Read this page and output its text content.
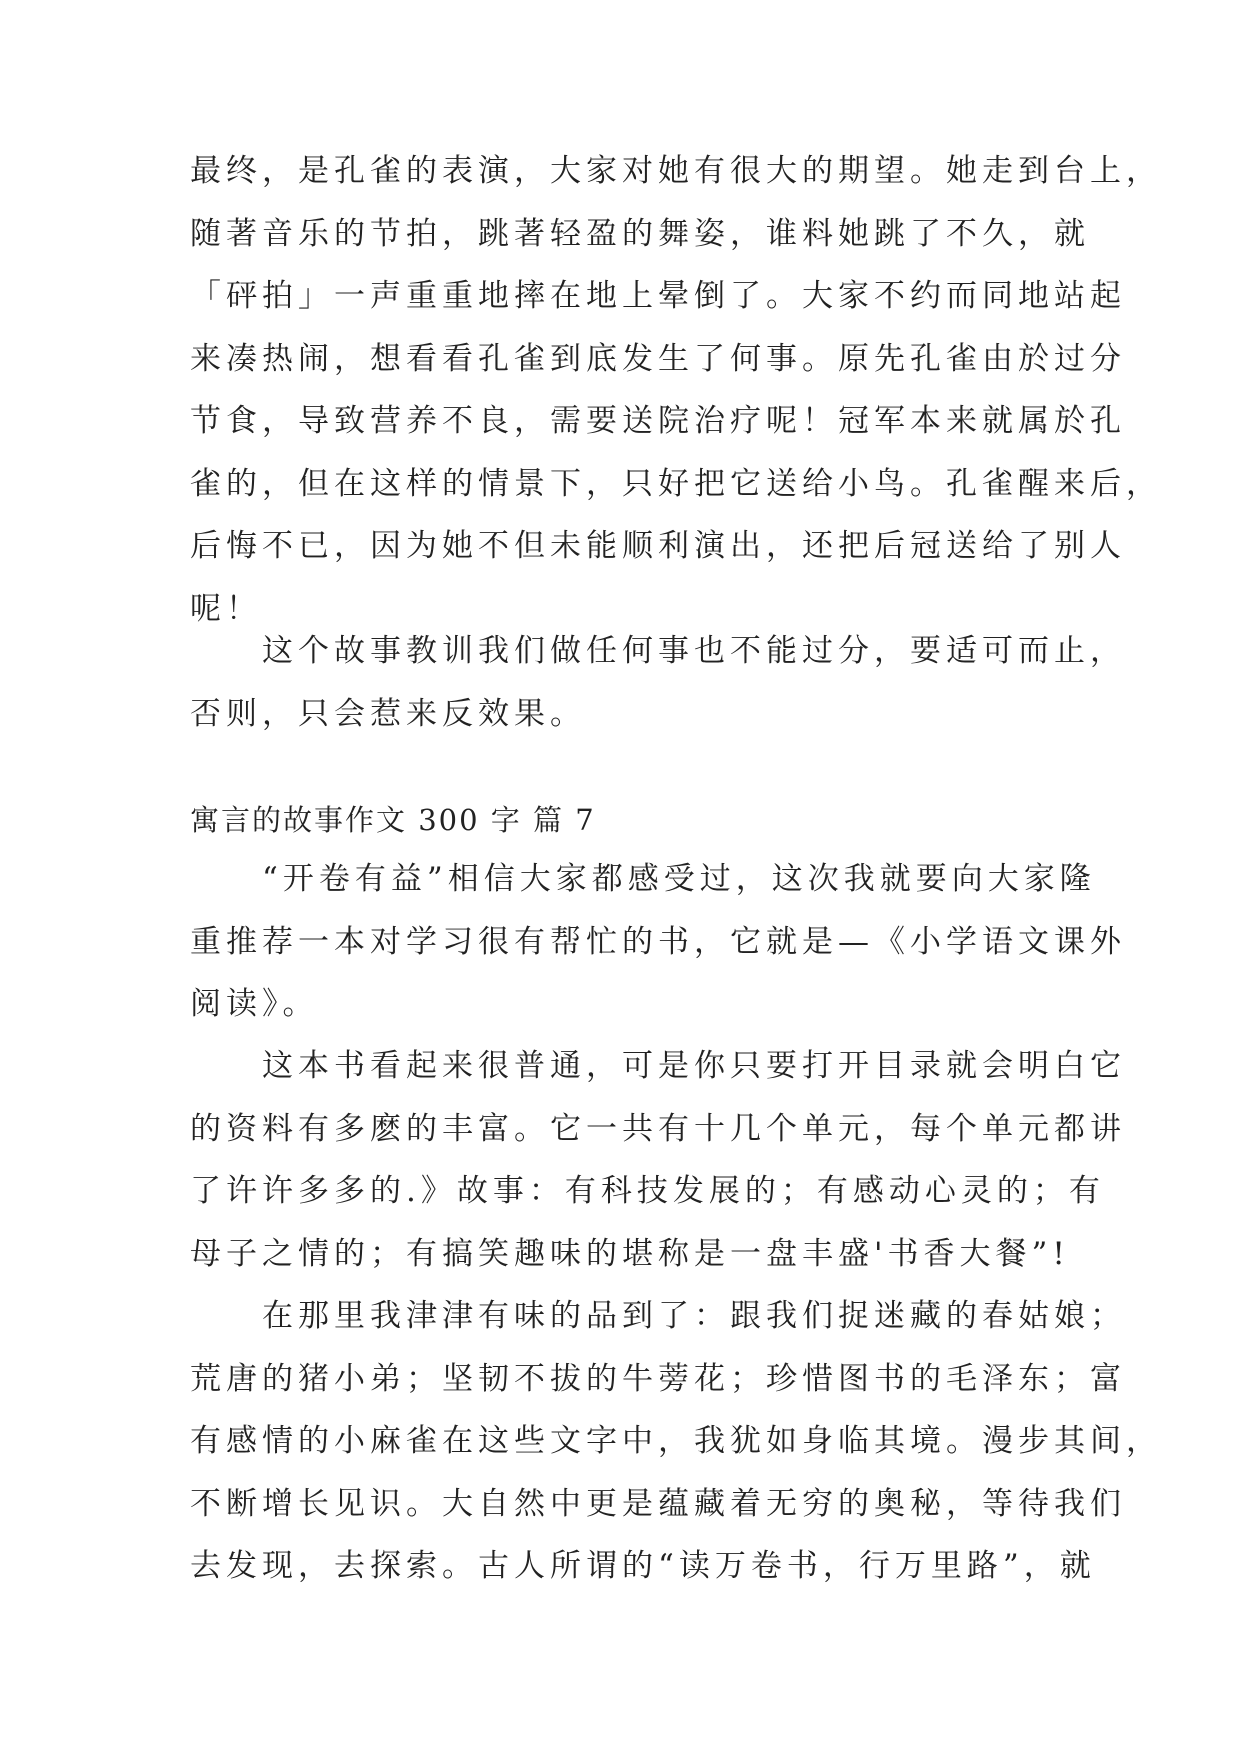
最终，是孔雀的表演，大家对她有很大的期望。她走到台上，
随著音乐的节拍，跳著轻盈的舞姿，谁料她跳了不久，就
「砰拍」一声重重地摔在地上晕倒了。大家不约而同地站起
来凑热闹，想看看孔雀到底发生了何事。原先孔雀由於过分
节食，导致营养不良，需要送院治疗呢！冠军本来就属於孔
雀的，但在这样的情景下，只好把它送给小鸟。孔雀醒来后，
后悔不已，因为她不但未能顺利演出，还把后冠送给了别人
呢！
　　这个故事教训我们做任何事也不能过分，要适可而止，
否则，只会惹来反效果。
寓言的故事作文 300 字 篇 7
　　“开卷有益”相信大家都感受过，这次我就要向大家隆
重推荐一本对学习很有帮忙的书，它就是—《小学语文课外
阅读》。
　　这本书看起来很普通，可是你只要打开目录就会明白它
的资料有多麽的丰富。它一共有十几个单元，每个单元都讲
了许许多多的.》故事：有科技发展的；有感动心灵的；有
母子之情的；有搞笑趣味的堪称是一盘丰盛'书香大餐”!
　　在那里我津津有味的品到了：跟我们捉迷藏的春姑娘；
荒唐的猪小弟；坚韧不拔的牛蒡花；珍惜图书的毛泽东；富
有感情的小麻雀在这些文字中，我犹如身临其境。漫步其间，
不断增长见识。大自然中更是蕴藏着无穷的奥秘，等待我们
去发现，去探索。古人所谓的“读万卷书，行万里路”，就
